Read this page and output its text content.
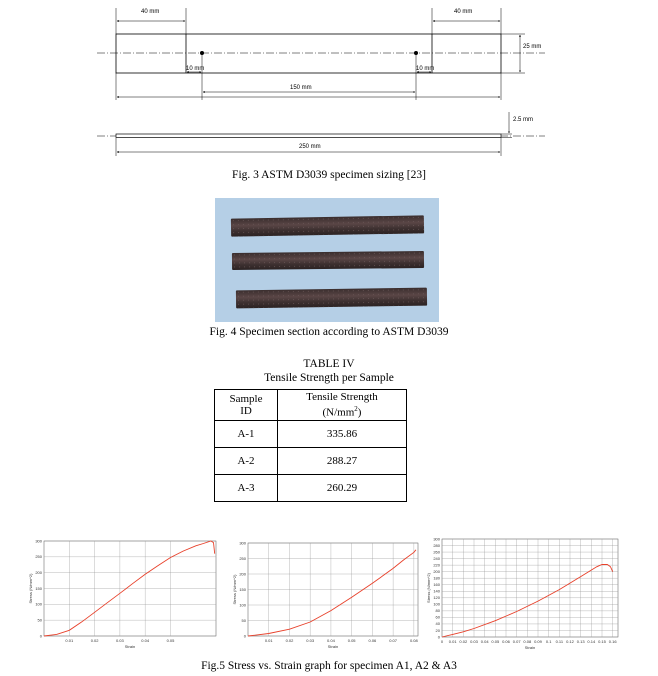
40 mm	40 mm
25 mm
10 mm	10 mm
150 mm
2.5 mm
250 mm
Fig. 3 ASTM D3039 specimen sizing [23]
Fig. 4 Specimen section according to ASTM D3039
TABLE IV
Tensile Strength per Sample
Sample
ID	Tensile Strength
$(N/mm^2)$
A-1	335.86
A-2	288.27
A-3	260.29
0
50
100
150
200
250
300
0.01	0.02	0.03	0.04	0.05
Strain
Stress (N/mm^2)
0
50
100
150
200
250
300
0.01	0.02	0.03	0.04	0.05	0.06	0.07	0.08
Strain
Stress (N/mm^2)
0
20
40
60
80
100
120
140
160
180
200
220
240
260
280
300
0 0.01 0.02 0.03 0.04 0.05 0.06 0.07 0.08 0.09 0.1 0.11 0.12 0.13 0.14 0.15 0.16
Strain
Stress (N/mm^2)
Fig.5 Stress vs. Strain graph for specimen A1, A2 & A3
